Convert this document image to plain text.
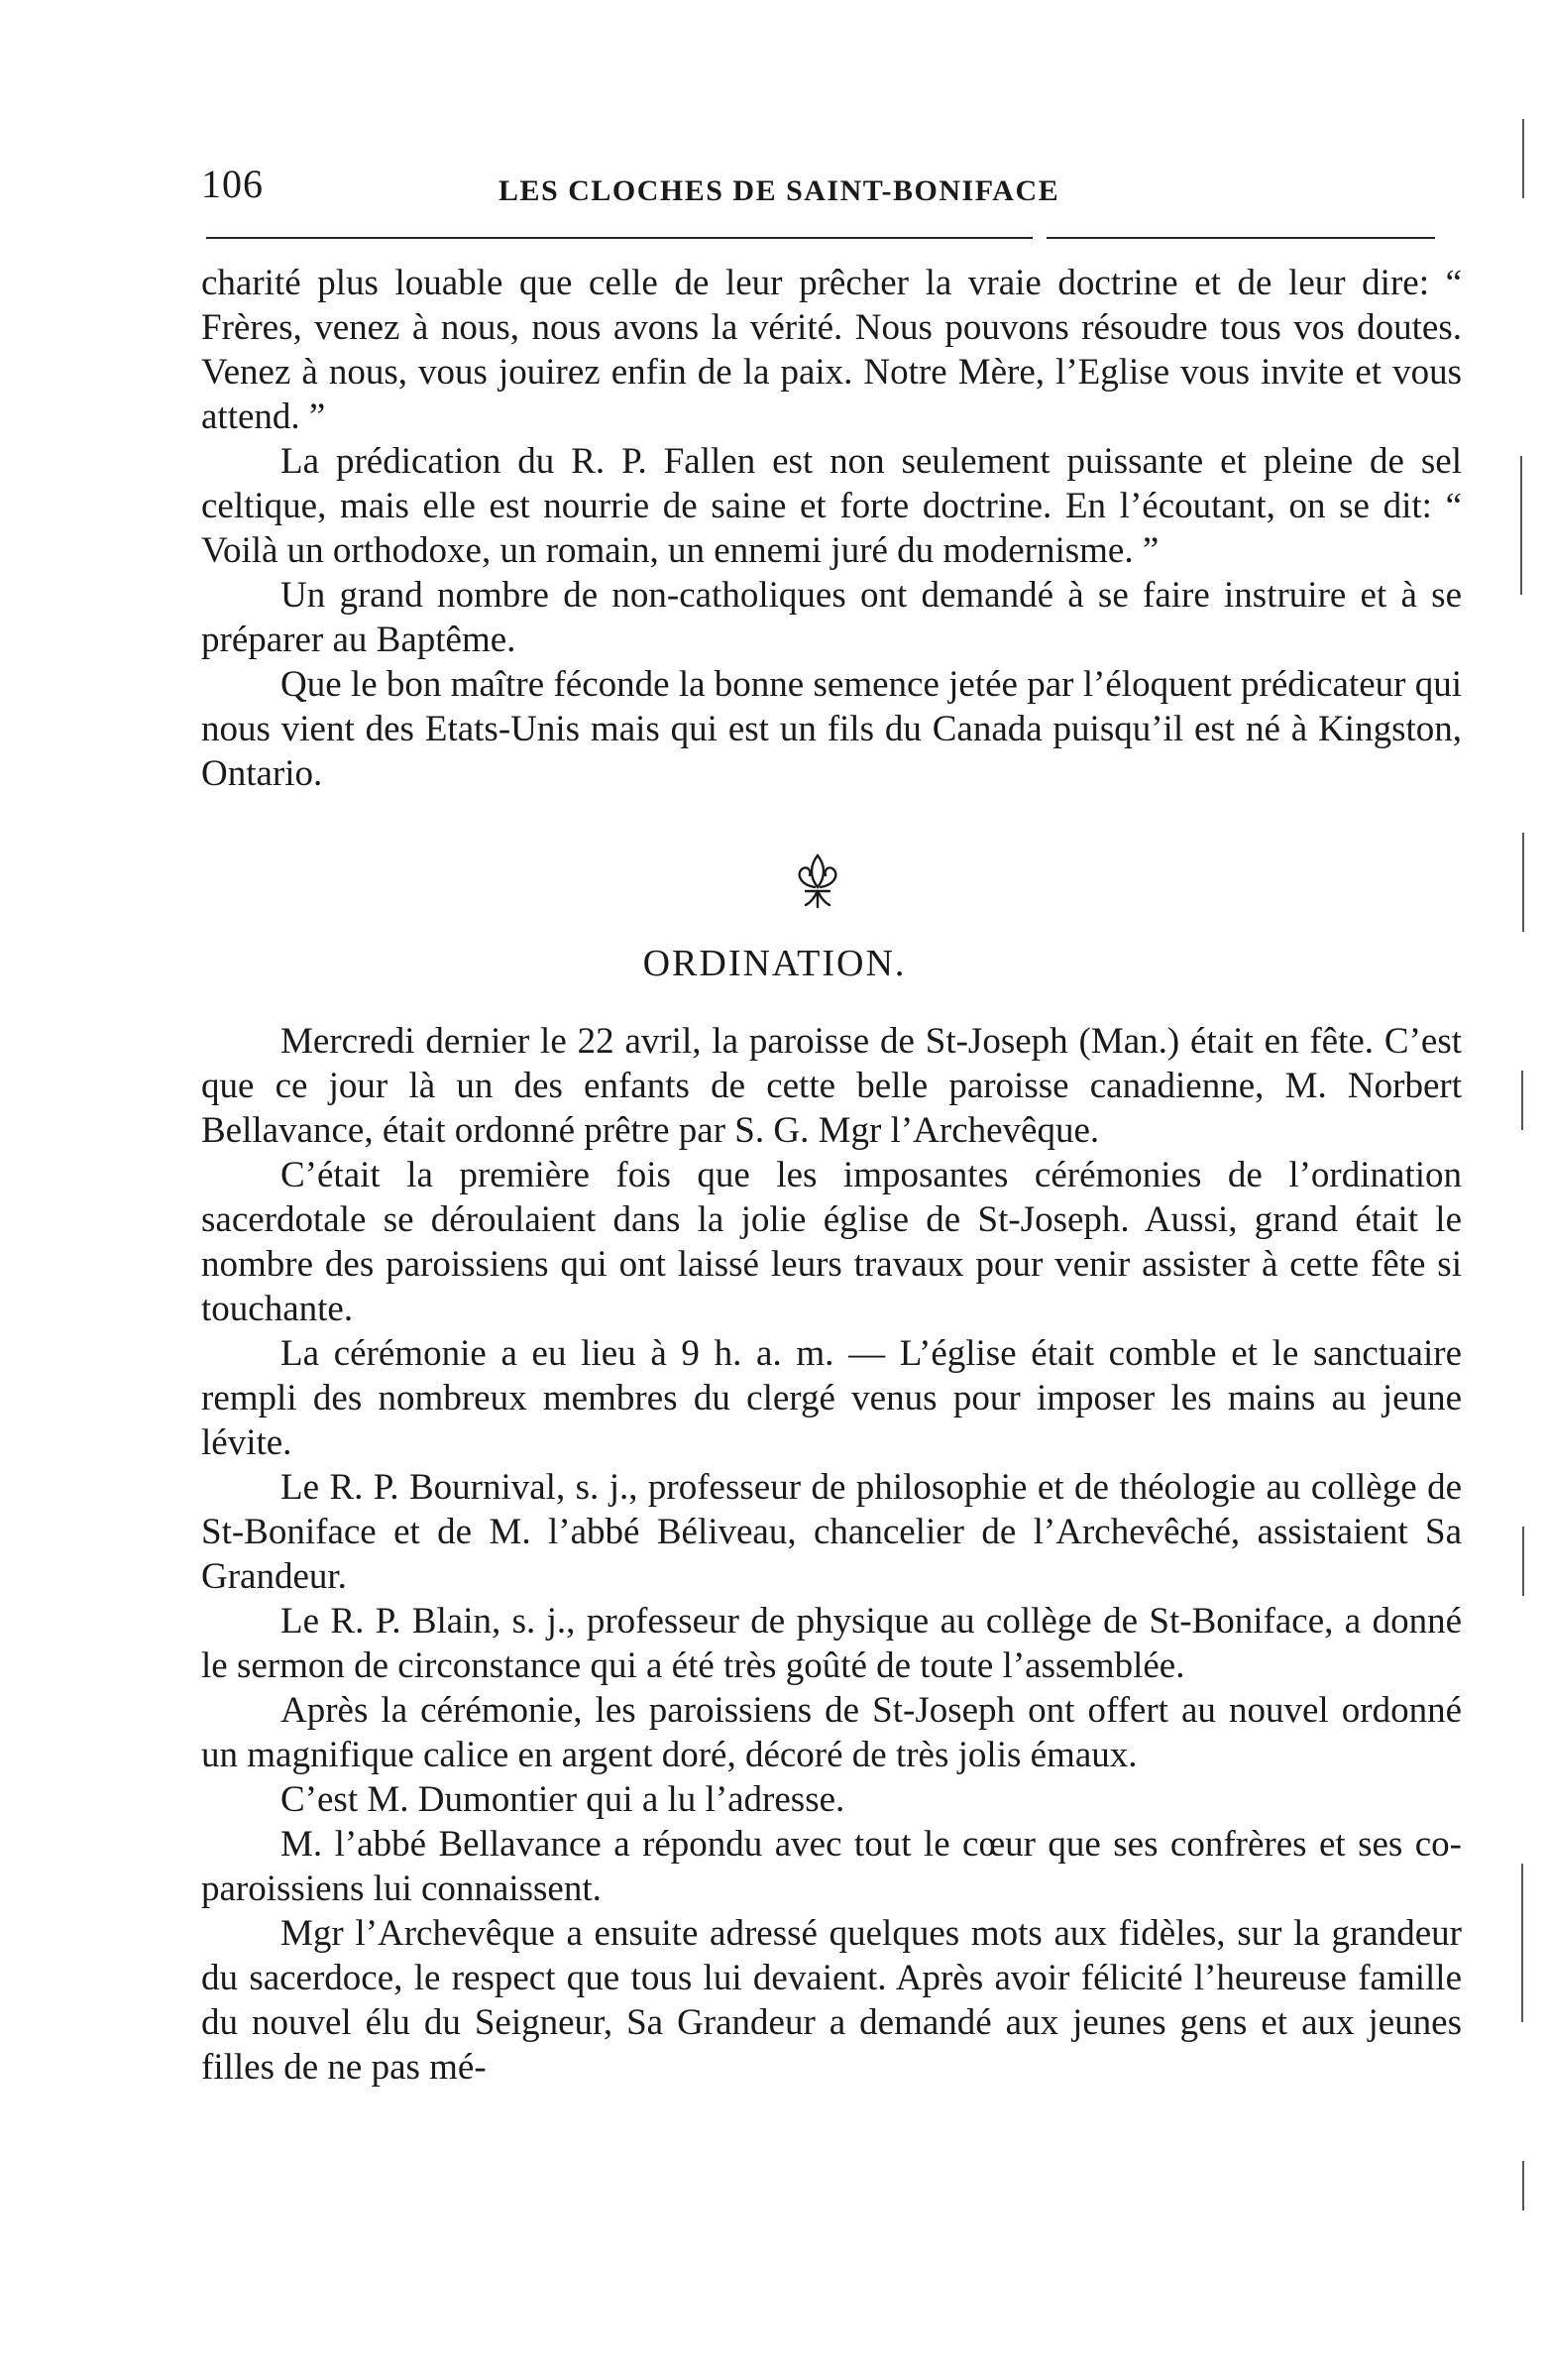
106	LES CLOCHES DE SAINT-BONIFACE

charité plus louable que celle de leur prêcher la vraie doctrine et de leur dire: “ Frères, venez à nous, nous avons la vérité. Nous pouvons résoudre tous vos doutes. Venez à nous, vous jouirez enfin de la paix. Notre Mère, l’Eglise vous invite et vous attend. ”

La prédication du R. P. Fallen est non seulement puissante et pleine de sel celtique, mais elle est nourrie de saine et forte doctrine. En l’écoutant, on se dit: “ Voilà un orthodoxe, un romain, un ennemi juré du modernisme. ”

Un grand nombre de non-catholiques ont demandé à se faire instruire et à se préparer au Baptême.

Que le bon maître féconde la bonne semence jetée par l’éloquent prédicateur qui nous vient des Etats-Unis mais qui est un fils du Canada puisqu’il est né à Kingston, Ontario.

ORDINATION.

Mercredi dernier le 22 avril, la paroisse de St-Joseph (Man.) était en fête. C’est que ce jour là un des enfants de cette belle paroisse canadienne, M. Norbert Bellavance, était ordonné prêtre par S. G. Mgr l’Archevêque.

C’était la première fois que les imposantes cérémonies de l’ordination sacerdotale se déroulaient dans la jolie église de St-Joseph. Aussi, grand était le nombre des paroissiens qui ont laissé leurs travaux pour venir assister à cette fête si touchante.

La cérémonie a eu lieu à 9 h. a. m. — L’église était comble et le sanctuaire rempli des nombreux membres du clergé venus pour imposer les mains au jeune lévite.

Le R. P. Bournival, s. j., professeur de philosophie et de théologie au collège de St-Boniface et de M. l’abbé Béliveau, chancelier de l’Archevêché, assistaient Sa Grandeur.

Le R. P. Blain, s. j., professeur de physique au collège de St-Boniface, a donné le sermon de circonstance qui a été très goûté de toute l’assemblée.

Après la cérémonie, les paroissiens de St-Joseph ont offert au nouvel ordonné un magnifique calice en argent doré, décoré de très jolis émaux.

C’est M. Dumontier qui a lu l’adresse.

M. l’abbé Bellavance a répondu avec tout le cœur que ses confrères et ses co-paroissiens lui connaissent.

Mgr l’Archevêque a ensuite adressé quelques mots aux fidèles, sur la grandeur du sacerdoce, le respect que tous lui devaient. Après avoir félicité l’heureuse famille du nouvel élu du Seigneur, Sa Grandeur a demandé aux jeunes gens et aux jeunes filles de ne pas mé-
